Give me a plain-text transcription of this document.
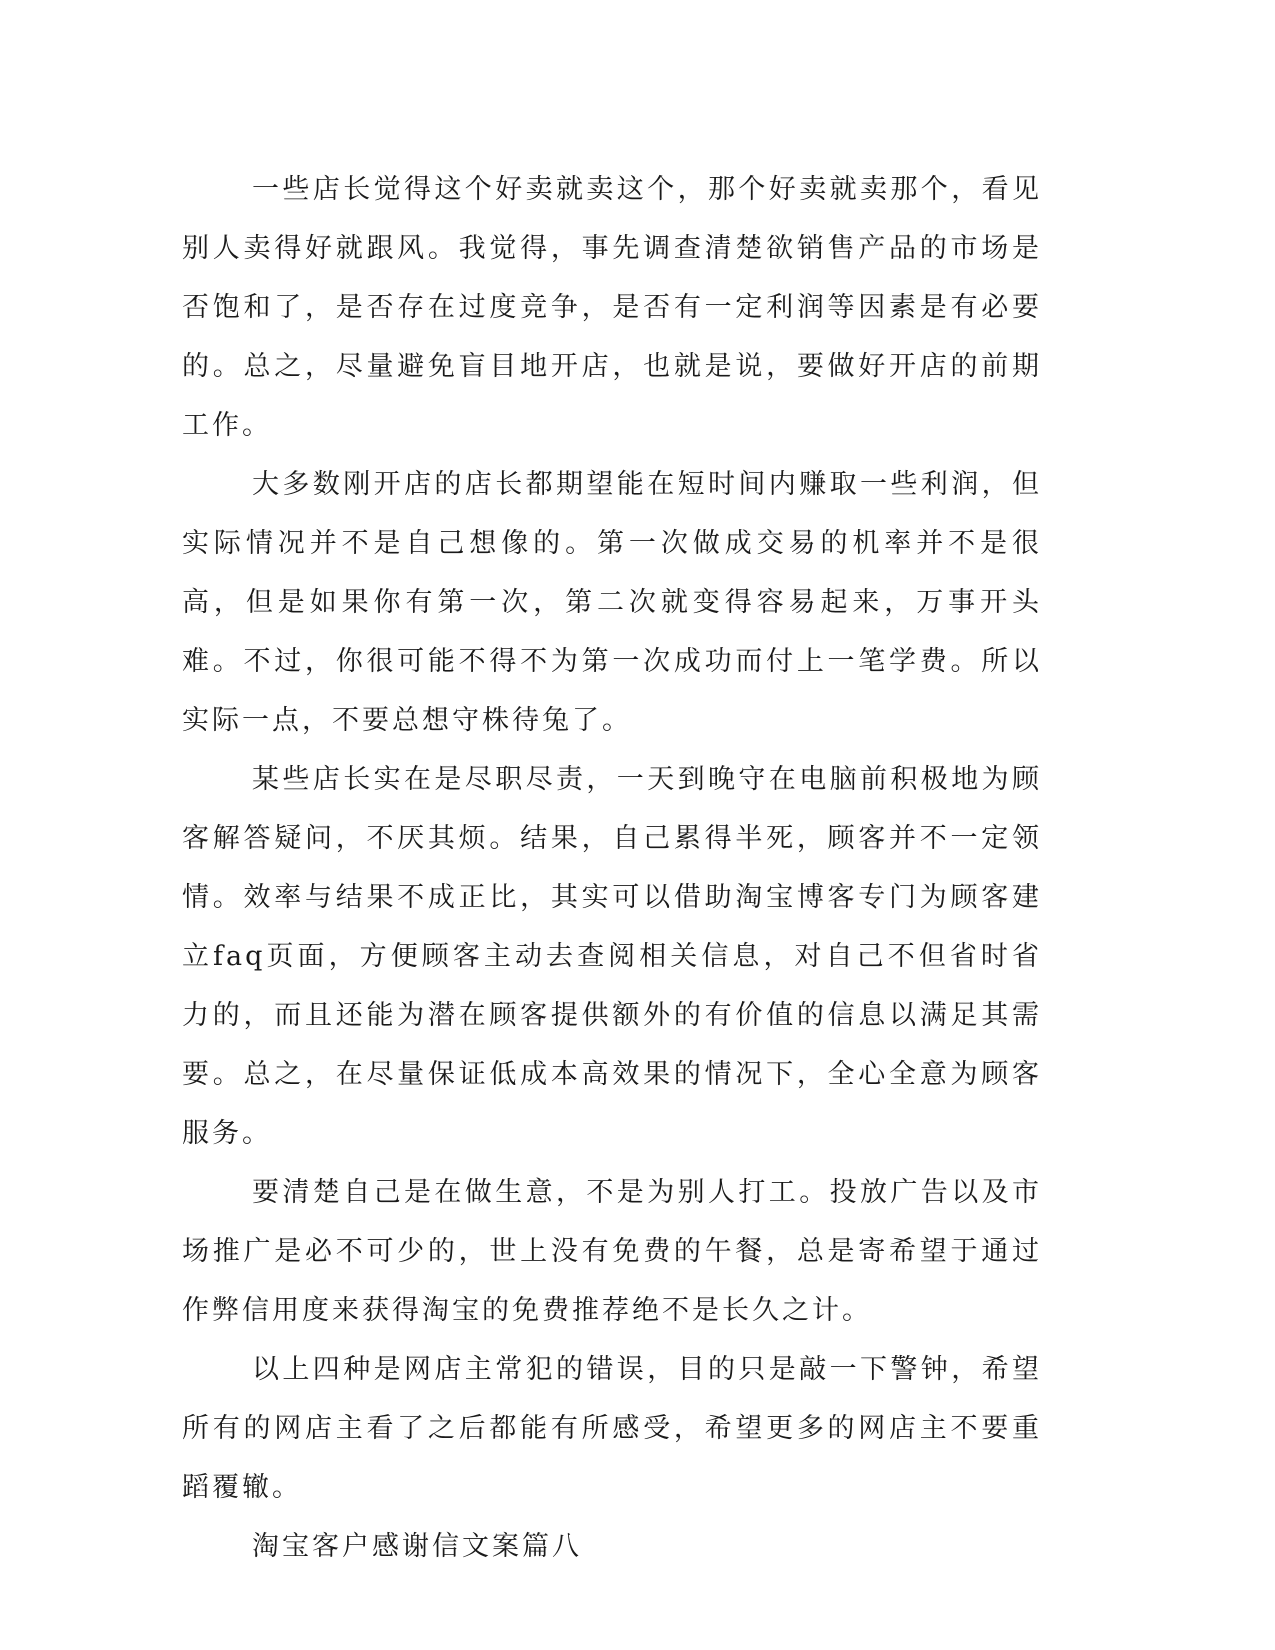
一些店长觉得这个好卖就卖这个，那个好卖就卖那个，看见别人卖得好就跟风。我觉得，事先调查清楚欲销售产品的市场是否饱和了，是否存在过度竞争，是否有一定利润等因素是有必要的。总之，尽量避免盲目地开店，也就是说，要做好开店的前期工作。

大多数刚开店的店长都期望能在短时间内赚取一些利润，但实际情况并不是自己想像的。第一次做成交易的机率并不是很高，但是如果你有第一次，第二次就变得容易起来，万事开头难。不过，你很可能不得不为第一次成功而付上一笔学费。所以实际一点，不要总想守株待兔了。

某些店长实在是尽职尽责，一天到晚守在电脑前积极地为顾客解答疑问，不厌其烦。结果，自己累得半死，顾客并不一定领情。效率与结果不成正比，其实可以借助淘宝博客专门为顾客建立faq页面，方便顾客主动去查阅相关信息，对自己不但省时省力的，而且还能为潜在顾客提供额外的有价值的信息以满足其需要。总之，在尽量保证低成本高效果的情况下，全心全意为顾客服务。

要清楚自己是在做生意，不是为别人打工。投放广告以及市场推广是必不可少的，世上没有免费的午餐，总是寄希望于通过作弊信用度来获得淘宝的免费推荐绝不是长久之计。

以上四种是网店主常犯的错误，目的只是敲一下警钟，希望所有的网店主看了之后都能有所感受，希望更多的网店主不要重蹈覆辙。

淘宝客户感谢信文案篇八
